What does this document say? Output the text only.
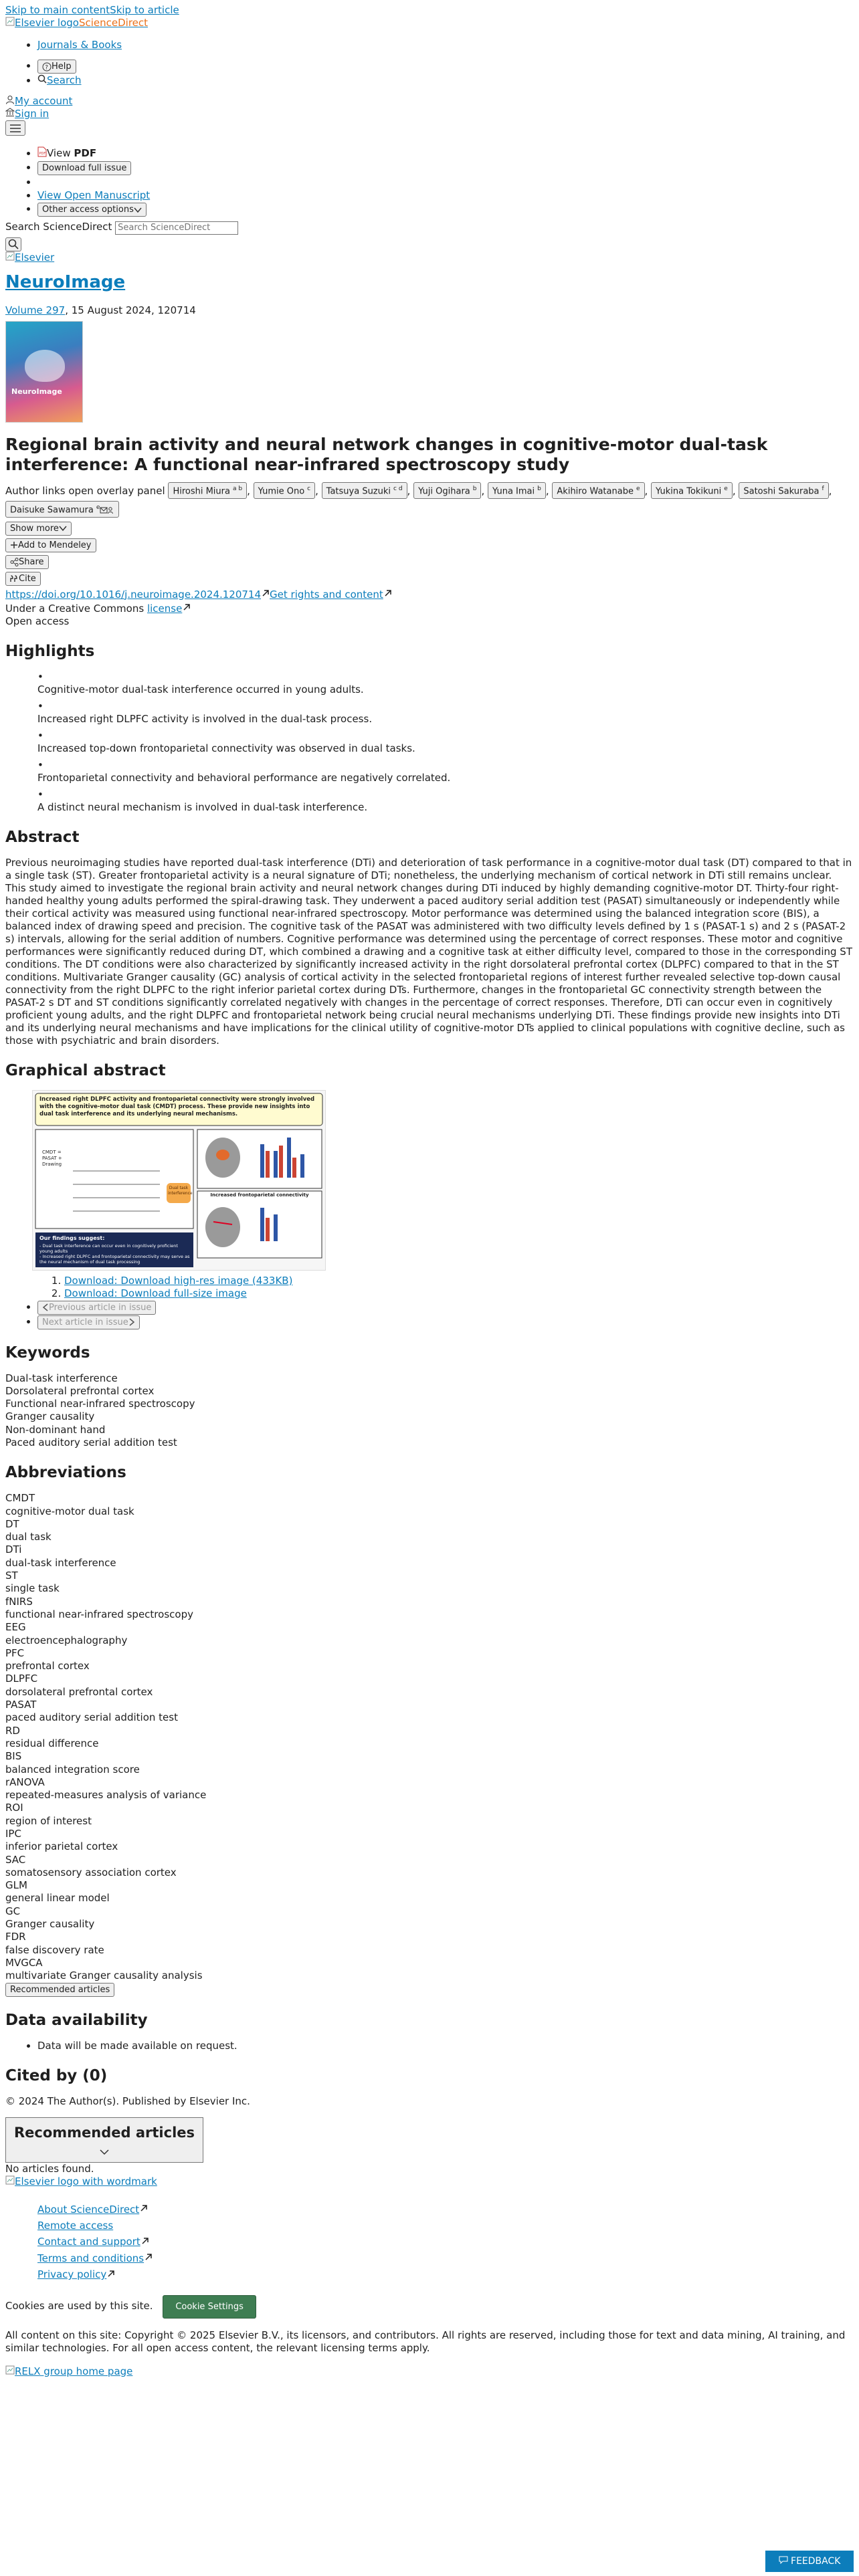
Skip to main contentSkip to article
Elsevier logoScienceDirect
• Journals & Books
• ? Help
• Search
My account
Sign in
• PDF View PDF
• Download full issue
•
• View Open Manuscript
• Other access options
Search ScienceDirect Search ScienceDirect
Elsevier
NeuroImage
Volume 297, 15 August 2024, 120714
NeuroImage
Regional brain activity and neural network changes in cognitive-motor dual-task interference: A functional near-infrared spectroscopy study
Author links open overlay panel Hiroshi Miura $^{a b}$ , Yumie Ono $^c$ , Tatsuya Suzuki $^{c d}$ , Yuji Ogihara $^b$ , Yuna Imai $^b$ , Akihiro Watanabe $^e$ , Yukina Tokikuni $^e$ , Satoshi Sakuraba $^f$ , Daisuke Sawamura $^e$
Show more
Add to Mendeley
Share
Cite
https://doi.org/10.1016/j.neuroimage.2024.120714 Get rights and content
Under a Creative Commons license
Open access
Highlights
•
Cognitive-motor dual-task interference occurred in young adults.
•
Increased right DLPFC activity is involved in the dual-task process.
•
Increased top-down frontoparietal connectivity was observed in dual tasks.
•
Frontoparietal connectivity and behavioral performance are negatively correlated.
•
A distinct neural mechanism is involved in dual-task interference.
Abstract

Previous neuroimaging studies have reported dual-task interference (DTi) and deterioration of task performance in a cognitive-motor dual task (DT) compared to that in a single task (ST). Greater frontoparietal activity is a neural signature of DTi; nonetheless, the underlying mechanism of cortical network in DTi still remains unclear. This study aimed to investigate the regional brain activity and neural network changes during DTi induced by highly demanding cognitive-motor DT. Thirty-four right-handed healthy young adults performed the spiral-drawing task. They underwent a paced auditory serial addition test (PASAT) simultaneously or independently while their cortical activity was measured using functional near-infrared spectroscopy. Motor performance was determined using the balanced integration score (BIS), a balanced index of drawing speed and precision. The cognitive task of the PASAT was administered with two difficulty levels defined by 1 s (PASAT-1 s) and 2 s (PASAT-2 s) intervals, allowing for the serial addition of numbers. Cognitive performance was determined using the percentage of correct responses. These motor and cognitive performances were significantly reduced during DT, which combined a drawing and a cognitive task at either difficulty level, compared to those in the corresponding ST conditions. The DT conditions were also characterized by significantly increased activity in the right dorsolateral prefrontal cortex (DLPFC) compared to that in the ST conditions. Multivariate Granger causality (GC) analysis of cortical activity in the selected frontoparietal regions of interest further revealed selective top-down causal connectivity from the right DLPFC to the right inferior parietal cortex during DTs. Furthermore, changes in the frontoparietal GC connectivity strength between the PASAT-2 s DT and ST conditions significantly correlated negatively with changes in the percentage of correct responses. Therefore, DTi can occur even in cognitively proficient young adults, and the right DLPFC and frontoparietal network being crucial neural mechanisms underlying DTi. These findings provide new insights into DTi and its underlying neural mechanisms and have implications for the clinical utility of cognitive-motor DTs applied to clinical populations with cognitive decline, such as those with psychiatric and brain disorders.

Graphical abstract
Increased right DLPFC activity and frontoparietal connectivity were strongly involved with the cognitive-motor dual task (CMDT) process. These provide new insights into dual task interference and its underlying neural mechanisms.
CMDT =
PASAT + Drawing
Dual task interference	Increased frontoparietal connectivity
Our findings suggest:
- Dual task interference can occur even in cognitively proficient young adults
- Increased right DLPFC and frontoparietal connectivity may serve as the neural mechanism of dual task processing
1. Download: Download high-res image (433KB)
2. Download: Download full-size image
• Previous article in issue
• Next article in issue
Keywords
Dual-task interference
Dorsolateral prefrontal cortex
Functional near-infrared spectroscopy
Granger causality
Non-dominant hand
Paced auditory serial addition test
Abbreviations
CMDT
cognitive-motor dual task
DT
dual task
DTi
dual-task interference
ST
single task
fNIRS
functional near-infrared spectroscopy
EEG
electroencephalography
PFC
prefrontal cortex
DLPFC
dorsolateral prefrontal cortex
PASAT
paced auditory serial addition test
RD
residual difference
BIS
balanced integration score
rANOVA
repeated-measures analysis of variance
ROI
region of interest
IPC
inferior parietal cortex
SAC
somatosensory association cortex
GLM
general linear model
GC
Granger causality
FDR
false discovery rate
MVGCA
multivariate Granger causality analysis
Recommended articles
Data availability
• Data will be made available on request.
Cited by (0)
© 2024 The Author(s). Published by Elsevier Inc.
Recommended articles

No articles found.
Elsevier logo with wordmark
About ScienceDirect
Remote access
Contact and support
Terms and conditions
Privacy policy
Cookies are used by this site.	Cookie Settings
All content on this site: Copyright © 2025 Elsevier B.V., its licensors, and contributors. All rights are reserved, including those for text and data mining, AI training, and similar technologies. For all open access content, the relevant licensing terms apply.
RELX group home page
FEEDBACK
